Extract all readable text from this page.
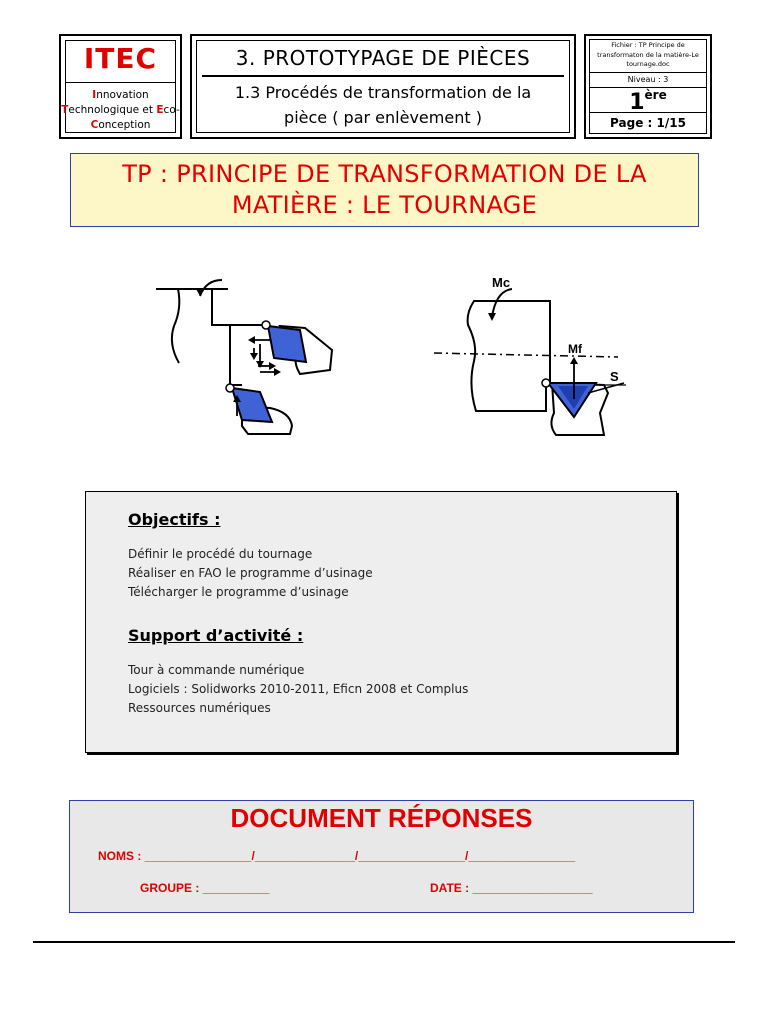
ITEC
Innovation
Technologique et Eco-
Conception
3. PROTOTYPAGE DE PIÈCES
1.3 Procédés de transformation de la
pièce ( par enlèvement )
Fichier : TP Principe de transformaton de la matière-Le tournage.doc
Niveau : 3
1ère
Page : 1/15
TP : PRINCIPE DE TRANSFORMATION DE LA
MATIÈRE : LE TOURNAGE
Mc
Mf
S
Objectifs :
Définir le procédé du tournage
Réaliser en FAO le programme d’usinage
Télécharger le programme d’usinage
Support d’activité :
Tour à commande numérique
Logiciels : Solidworks 2010-2011, Eficn 2008 et Complus
Ressources numériques
DOCUMENT RÉPONSES
NOMS : ________________/_______________/________________/________________
GROUPE : __________	DATE : __________________
